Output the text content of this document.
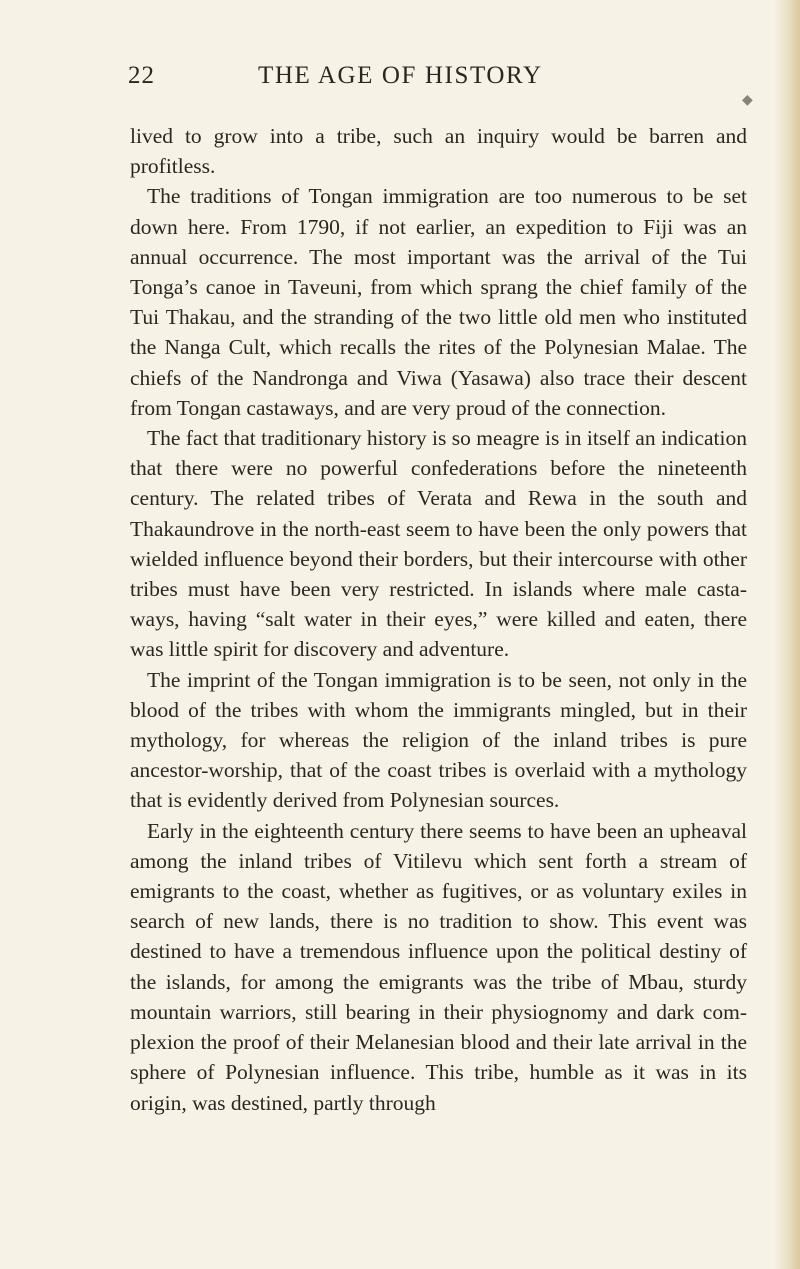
22	THE AGE OF HISTORY

lived to grow into a tribe, such an inquiry would be barren and profitless.

The traditions of Tongan immigration are too numerous to be set down here. From 1790, if not earlier, an expedition to Fiji was an annual occurrence. The most important was the arrival of the Tui Tonga’s canoe in Taveuni, from which sprang the chief family of the Tui Thakau, and the stranding of the two little old men who instituted the Nanga Cult, which recalls the rites of the Polynesian Malae. The chiefs of the Nandronga and Viwa (Yasawa) also trace their descent from Tongan castaways, and are very proud of the connection.

The fact that traditionary history is so meagre is in itself an indication that there were no powerful confederations before the nineteenth century. The related tribes of Verata and Rewa in the south and Thakaundrove in the north-east seem to have been the only powers that wielded influence beyond their borders, but their intercourse with other tribes must have been very restricted. In islands where male casta-ways, having “salt water in their eyes,” were killed and eaten, there was little spirit for discovery and adventure.

The imprint of the Tongan immigration is to be seen, not only in the blood of the tribes with whom the immigrants mingled, but in their mythology, for whereas the religion of the inland tribes is pure ancestor-worship, that of the coast tribes is overlaid with a mythology that is evidently derived from Polynesian sources.

Early in the eighteenth century there seems to have been an upheaval among the inland tribes of Vitilevu which sent forth a stream of emigrants to the coast, whether as fugitives, or as voluntary exiles in search of new lands, there is no tradition to show. This event was destined to have a tremendous influence upon the political destiny of the islands, for among the emigrants was the tribe of Mbau, sturdy mountain warriors, still bearing in their physiognomy and dark com-plexion the proof of their Melanesian blood and their late arrival in the sphere of Polynesian influence. This tribe, humble as it was in its origin, was destined, partly through

◆
